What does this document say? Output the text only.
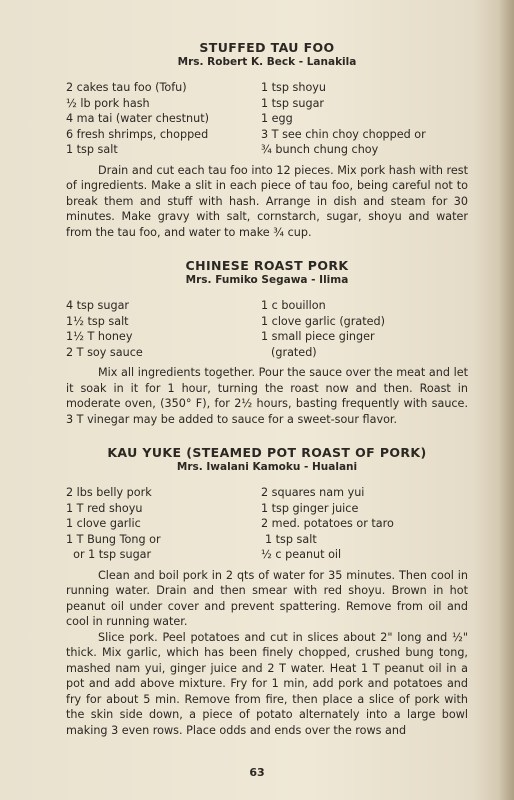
STUFFED TAU FOO
Mrs. Robert K. Beck - Lanakila
2 cakes tau foo (Tofu)
½ lb pork hash
4 ma tai (water chestnut)
6 fresh shrimps, chopped
1 tsp salt
1 tsp shoyu
1 tsp sugar
1 egg
3 T see chin choy chopped or
¾ bunch chung choy

Drain and cut each tau foo into 12 pieces. Mix pork hash with rest of ingredients. Make a slit in each piece of tau foo, being careful not to break them and stuff with hash. Arrange in dish and steam for 30 minutes. Make gravy with salt, cornstarch, sugar, shoyu and water from the tau foo, and water to make ¾ cup.

CHINESE ROAST PORK
Mrs. Fumiko Segawa - Ilima
4 tsp sugar
1½ tsp salt
1½ T honey
2 T soy sauce
1 c bouillon
1 clove garlic (grated)
1 small piece ginger
(grated)

Mix all ingredients together. Pour the sauce over the meat and let it soak in it for 1 hour, turning the roast now and then. Roast in moderate oven, (350° F), for 2½ hours, basting frequently with sauce. 3 T vinegar may be added to sauce for a sweet-sour flavor.

KAU YUKE (STEAMED POT ROAST OF PORK)
Mrs. Iwalani Kamoku - Hualani
2 lbs belly pork
1 T red shoyu
1 clove garlic
1 T Bung Tong or
or 1 tsp sugar
2 squares nam yui
1 tsp ginger juice
2 med. potatoes or taro
1 tsp salt
½ c peanut oil

Clean and boil pork in 2 qts of water for 35 minutes. Then cool in running water. Drain and then smear with red shoyu. Brown in hot peanut oil under cover and prevent spattering. Remove from oil and cool in running water.

Slice pork. Peel potatoes and cut in slices about 2" long and ½" thick. Mix garlic, which has been finely chopped, crushed bung tong, mashed nam yui, ginger juice and 2 T water. Heat 1 T peanut oil in a pot and add above mixture. Fry for 1 min, add pork and potatoes and fry for about 5 min. Remove from fire, then place a slice of pork with the skin side down, a piece of potato alternately into a large bowl making 3 even rows. Place odds and ends over the rows and

63
